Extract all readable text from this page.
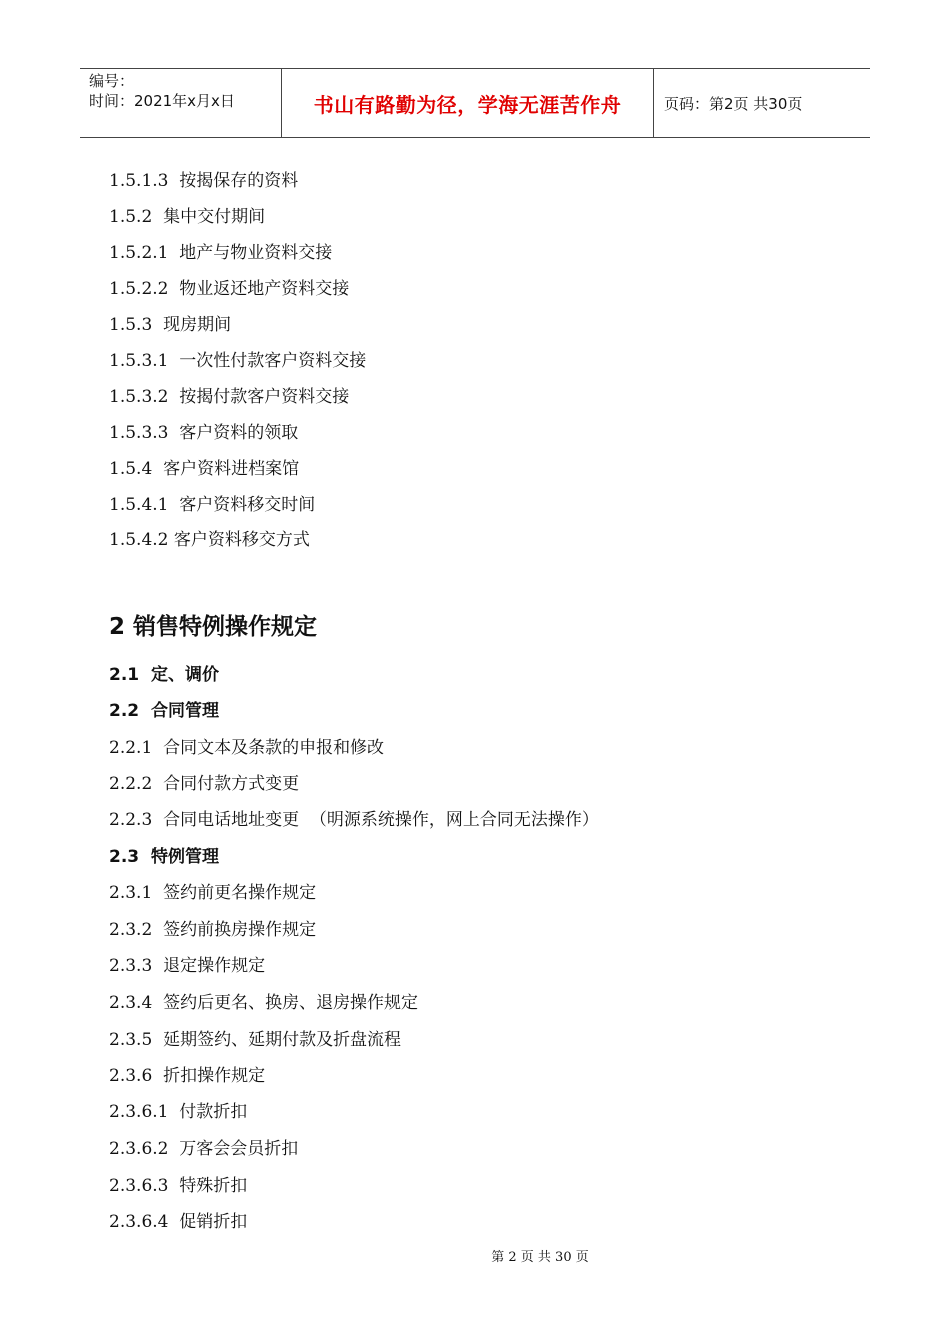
编号：
时间：2021年x月x日	书山有路勤为径，学海无涯苦作舟	页码：第2页 共30页
1.5.1.3  按揭保存的资料
1.5.2  集中交付期间
1.5.2.1  地产与物业资料交接
1.5.2.2  物业返还地产资料交接
1.5.3  现房期间
1.5.3.1  一次性付款客户资料交接
1.5.3.2  按揭付款客户资料交接
1.5.3.3  客户资料的领取
1.5.4  客户资料进档案馆
1.5.4.1  客户资料移交时间
1.5.4.2 客户资料移交方式
2 销售特例操作规定
2.1  定、调价
2.2  合同管理
2.2.1  合同文本及条款的申报和修改
2.2.2  合同付款方式变更
2.2.3  合同电话地址变更  （明源系统操作，网上合同无法操作）
2.3  特例管理
2.3.1  签约前更名操作规定
2.3.2  签约前换房操作规定
2.3.3  退定操作规定
2.3.4  签约后更名、换房、退房操作规定
2.3.5  延期签约、延期付款及折盘流程
2.3.6  折扣操作规定
2.3.6.1  付款折扣
2.3.6.2  万客会会员折扣
2.3.6.3  特殊折扣
2.3.6.4  促销折扣
第 2 页 共 30 页
